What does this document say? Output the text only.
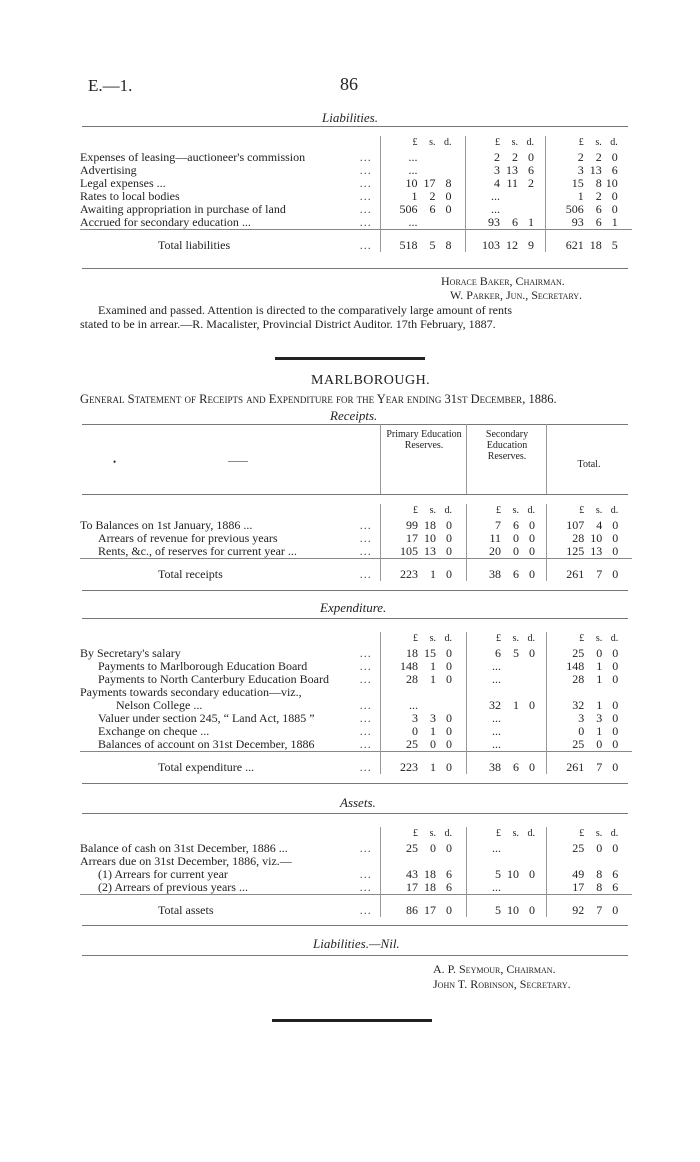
E.—1.	86
Liabilities.
		£ s. d.	£ s. d.	£ s. d.
Expenses of leasing—auctioneer's commission	...	...	2 2 0	2 2 0
Advertising	...	...	3 13 6	3 13 6
Legal expenses ...	...	10 17 8	4 11 2	15 8 10
Rates to local bodies	...	1 2 0	...	1 2 0
Awaiting appropriation in purchase of land	...	506 6 0	...	506 6 0
Accrued for secondary education ...	...	...	93 6 1	93 6 1
Total liabilities	...	518 5 8	103 12 9	621 18 5
Horace Baker, Chairman.
W. Parker, Jun., Secretary.
Examined and passed. Attention is directed to the comparatively large amount of rents
stated to be in arrear.—R. Macalister, Provincial District Auditor. 17th February, 1887.
MARLBOROUGH.
General Statement of Receipts and Expenditure for the Year ending 31st December, 1886.
Receipts.
•	——
Primary Education Reserves.
Secondary Education Reserves.
Total.
		£ s. d.	£ s. d.	£ s. d.
To Balances on 1st January, 1886 ...	...	99 18 0	7 6 0	107 4 0
Arrears of revenue for previous years	...	17 10 0	11 0 0	28 10 0
Rents, &c., of reserves for current year ...	...	105 13 0	20 0 0	125 13 0
Total receipts	...	223 1 0	38 6 0	261 7 0
Expenditure.
		£ s. d.	£ s. d.	£ s. d.
By Secretary's salary	...	18 15 0	6 5 0	25 0 0
Payments to Marlborough Education Board	...	148 1 0	...	148 1 0
Payments to North Canterbury Education Board	...	28 1 0	...	28 1 0
Payments towards secondary education—viz.,				
Nelson College ...	...	...	32 1 0	32 1 0
Valuer under section 245, “ Land Act, 1885 ”	...	3 3 0	...	3 3 0
Exchange on cheque ...	...	0 1 0	...	0 1 0
Balances of account on 31st December, 1886	...	25 0 0	...	25 0 0
Total expenditure ...	...	223 1 0	38 6 0	261 7 0
Assets.
		£ s. d.	£ s. d.	£ s. d.
Balance of cash on 31st December, 1886 ...	...	25 0 0	...	25 0 0
Arrears due on 31st December, 1886, viz.—				
(1) Arrears for current year	...	43 18 6	5 10 0	49 8 6
(2) Arrears of previous years ...	...	17 18 6	...	17 8 6
Total assets	...	86 17 0	5 10 0	92 7 0
Liabilities.—Nil.
A. P. Seymour, Chairman.
John T. Robinson, Secretary.
